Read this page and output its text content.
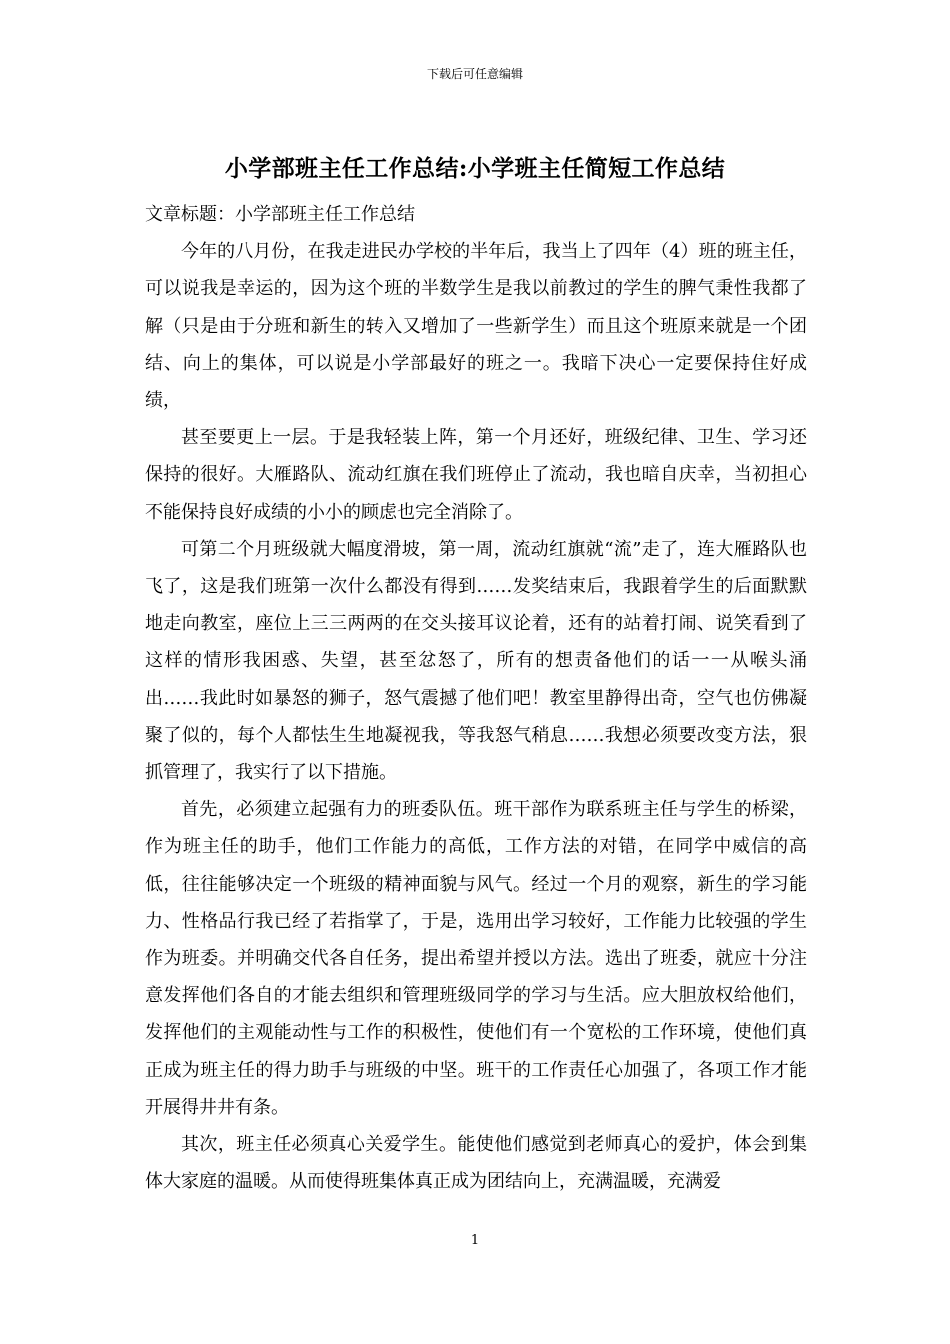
下载后可任意编辑
小学部班主任工作总结:小学班主任简短工作总结

文章标题：小学部班主任工作总结

今年的八月份，在我走进民办学校的半年后，我当上了四年（4）班的班主任，可以说我是幸运的，因为这个班的半数学生是我以前教过的学生的脾气秉性我都了解（只是由于分班和新生的转入又增加了一些新学生）而且这个班原来就是一个团结、向上的集体，可以说是小学部最好的班之一。我暗下决心一定要保持住好成绩，

甚至要更上一层。于是我轻装上阵，第一个月还好，班级纪律、卫生、学习还保持的很好。大雁路队、流动红旗在我们班停止了流动，我也暗自庆幸，当初担心不能保持良好成绩的小小的顾虑也完全消除了。

可第二个月班级就大幅度滑坡，第一周，流动红旗就“流”走了，连大雁路队也飞了，这是我们班第一次什么都没有得到……发奖结束后，我跟着学生的后面默默地走向教室，座位上三三两两的在交头接耳议论着，还有的站着打闹、说笑看到了这样的情形我困惑、失望，甚至忿怒了，所有的想责备他们的话一一从喉头涌出……我此时如暴怒的狮子，怒气震撼了他们吧！教室里静得出奇，空气也仿佛凝聚了似的，每个人都怯生生地凝视我，等我怒气稍息……我想必须要改变方法，狠抓管理了，我实行了以下措施。

首先，必须建立起强有力的班委队伍。班干部作为联系班主任与学生的桥梁，作为班主任的助手，他们工作能力的高低，工作方法的对错，在同学中威信的高低，往往能够决定一个班级的精神面貌与风气。经过一个月的观察，新生的学习能力、性格品行我已经了若指掌了，于是，选用出学习较好，工作能力比较强的学生作为班委。并明确交代各自任务，提出希望并授以方法。选出了班委，就应十分注意发挥他们各自的才能去组织和管理班级同学的学习与生活。应大胆放权给他们，发挥他们的主观能动性与工作的积极性，使他们有一个宽松的工作环境，使他们真正成为班主任的得力助手与班级的中坚。班干的工作责任心加强了，各项工作才能开展得井井有条。

其次，班主任必须真心关爱学生。能使他们感觉到老师真心的爱护，体会到集体大家庭的温暖。从而使得班集体真正成为团结向上，充满温暖，充满爱

1
